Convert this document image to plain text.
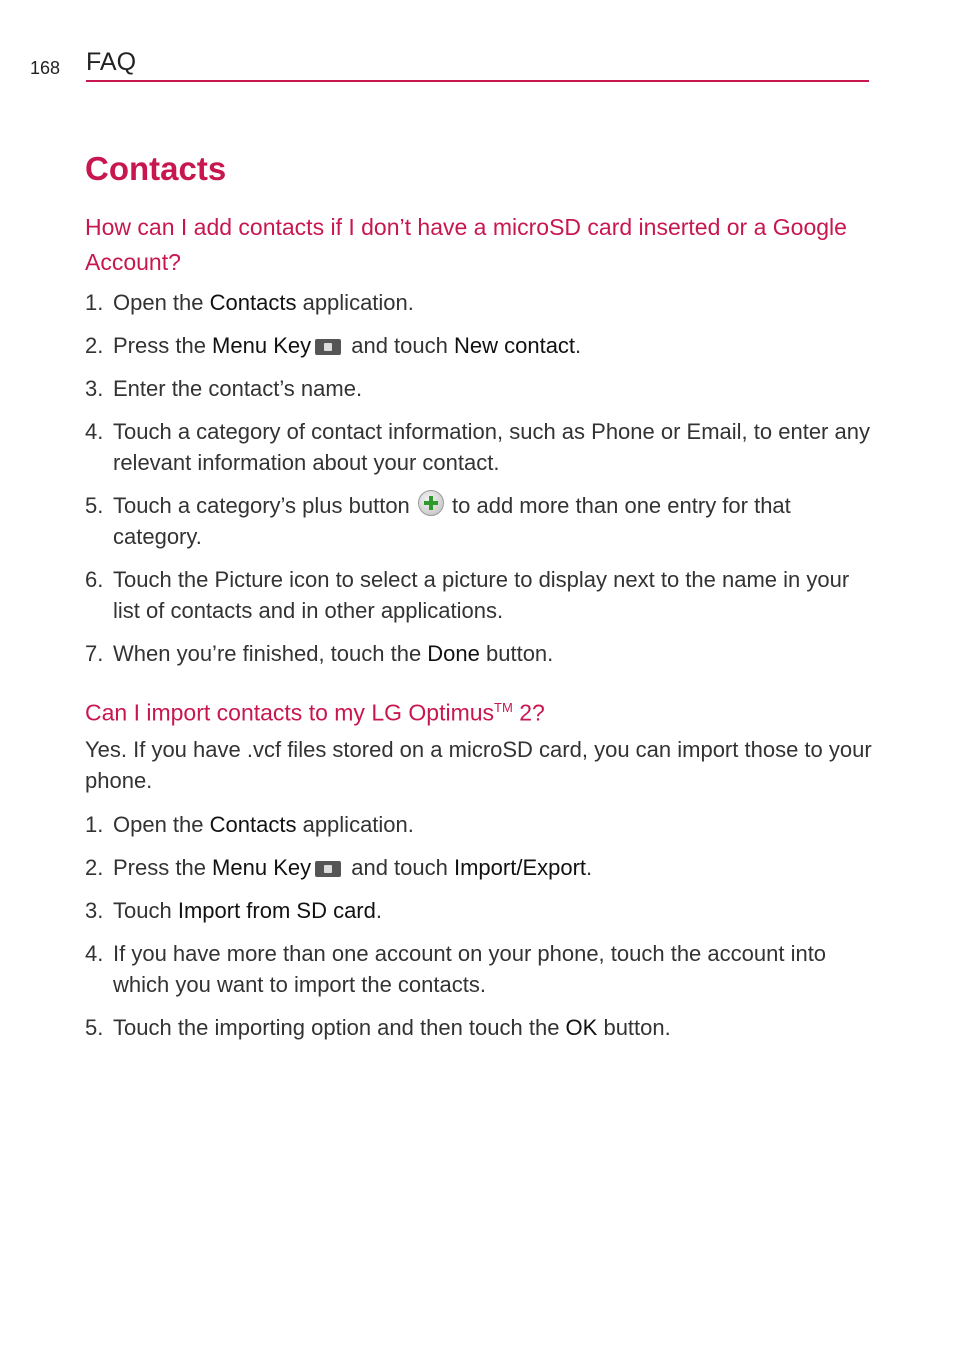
168 FAQ
Contacts

How can I add contacts if I don’t have a microSD card inserted or a Google Account?

1. Open the Contacts application.
2. Press the Menu Key and touch New contact.
3. Enter the contact’s name.
4. Touch a category of contact information, such as Phone or Email, to enter any relevant information about your contact.
5. Touch a category’s plus button  to add more than one entry for that category.
6. Touch the Picture icon to select a picture to display next to the name in your list of contacts and in other applications.
7. When you’re finished, touch the Done button.

Can I import contacts to my LG Optimus™ 2?

Yes. If you have .vcf files stored on a microSD card, you can import those to your phone.

1. Open the Contacts application.
2. Press the Menu Key and touch Import/Export.
3. Touch Import from SD card.
4. If you have more than one account on your phone, touch the account into which you want to import the contacts.
5. Touch the importing option and then touch the OK button.
